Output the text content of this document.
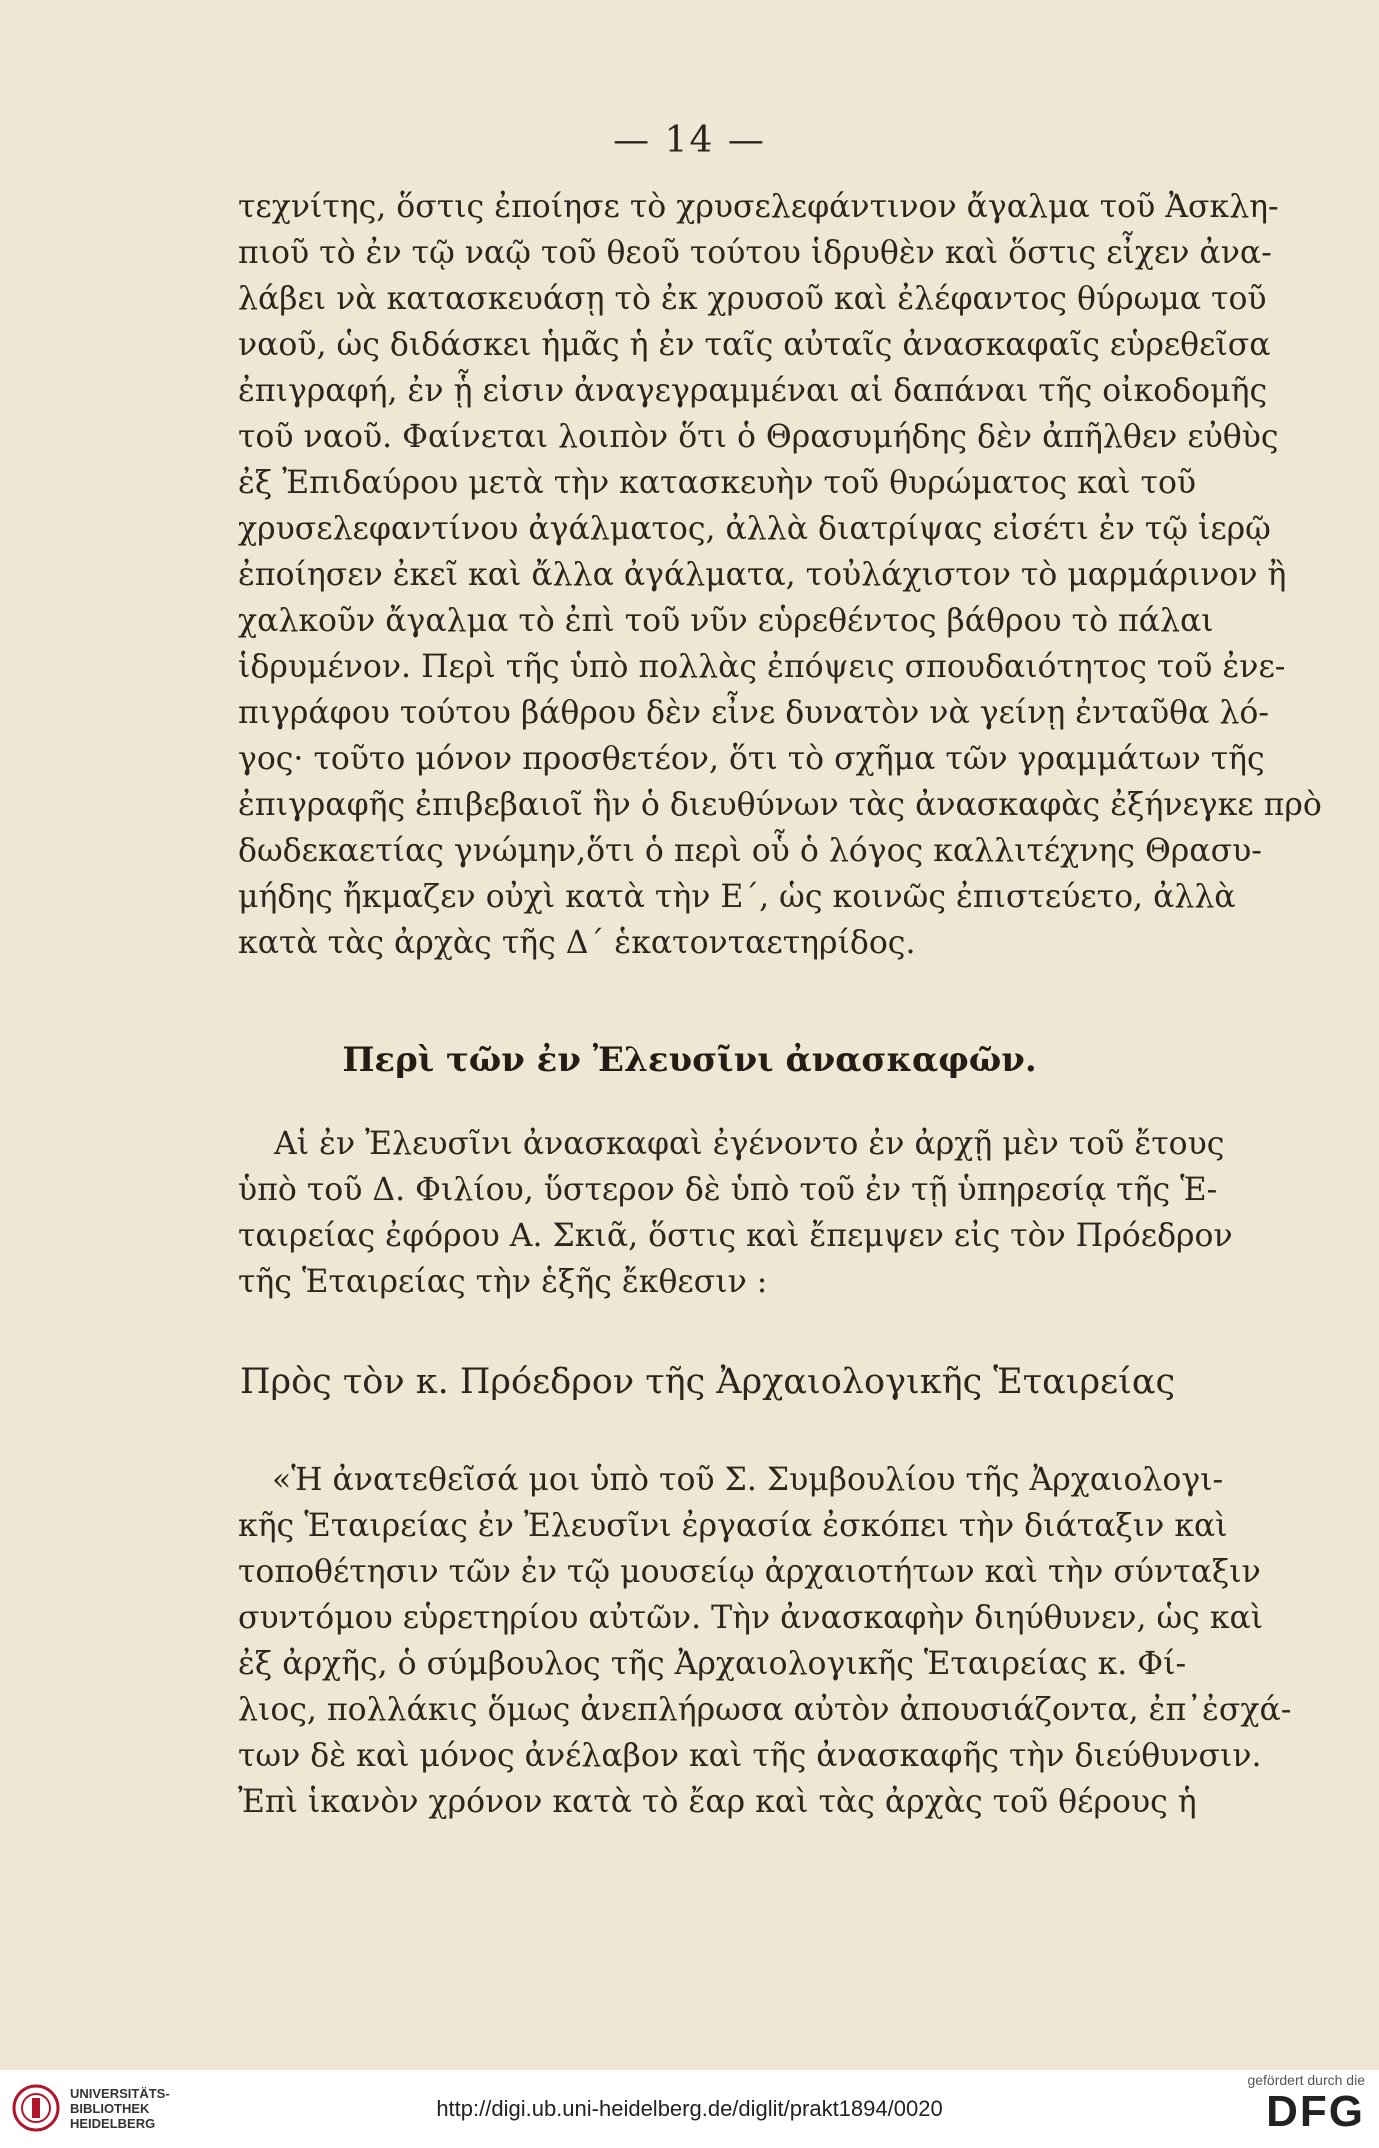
— 14 —
τεχνίτης, ὅστις ἐποίησε τὸ χρυσελεφάντινον ἄγαλμα τοῦ Ἀσκλη-
πιοῦ τὸ ἐν τῷ ναῷ τοῦ θεοῦ τούτου ἱδρυθὲν καὶ ὅστις εἶχεν ἀνα-
λάβει νὰ κατασκευάσῃ τὸ ἐκ χρυσοῦ καὶ ἐλέφαντος θύρωμα τοῦ
ναοῦ, ὡς διδάσκει ἡμᾶς ἡ ἐν ταῖς αὐταῖς ἀνασκαφαῖς εὑρεθεῖσα
ἐπιγραφή, ἐν ᾗ εἰσιν ἀναγεγραμμέναι αἱ δαπάναι τῆς οἰκοδομῆς
τοῦ ναοῦ. Φαίνεται λοιπὸν ὅτι ὁ Θρασυμήδης δὲν ἀπῆλθεν εὐθὺς
ἐξ Ἐπιδαύρου μετὰ τὴν κατασκευὴν τοῦ θυρώματος καὶ τοῦ
χρυσελεφαντίνου ἀγάλματος, ἀλλὰ διατρίψας εἰσέτι ἐν τῷ ἱερῷ
ἐποίησεν ἐκεῖ καὶ ἄλλα ἀγάλματα, τοὐλάχιστον τὸ μαρμάρινον ἢ
χαλκοῦν ἄγαλμα τὸ ἐπὶ τοῦ νῦν εὑρεθέντος βάθρου τὸ πάλαι
ἱδρυμένον. Περὶ τῆς ὑπὸ πολλὰς ἐπόψεις σπουδαιότητος τοῦ ἐνε-
πιγράφου τούτου βάθρου δὲν εἶνε δυνατὸν νὰ γείνῃ ἐνταῦθα λό-
γος· τοῦτο μόνον προσθετέον, ὅτι τὸ σχῆμα τῶν γραμμάτων τῆς
ἐπιγραφῆς ἐπιβεβαιοῖ ἣν ὁ διευθύνων τὰς ἀνασκαφὰς ἐξήνεγκε πρὸ
δωδεκαετίας γνώμην,ὅτι ὁ περὶ οὗ ὁ λόγος καλλιτέχνης Θρασυ-
μήδης ἤκμαζεν οὐχὶ κατὰ τὴν Ε΄, ὡς κοινῶς ἐπιστεύετο, ἀλλὰ
κατὰ τὰς ἀρχὰς τῆς Δ΄ ἑκατονταετηρίδος.
Περὶ τῶν ἐν Ἐλευσῖνι ἀνασκαφῶν.
Αἱ ἐν Ἐλευσῖνι ἀνασκαφαὶ ἐγένοντο ἐν ἀρχῇ μὲν τοῦ ἔτους
ὑπὸ τοῦ Δ. Φιλίου, ὕστερον δὲ ὑπὸ τοῦ ἐν τῇ ὑπηρεσίᾳ τῆς Ἑ-
ταιρείας ἐφόρου Α. Σκιᾶ, ὅστις καὶ ἔπεμψεν εἰς τὸν Πρόεδρον
τῆς Ἑταιρείας τὴν ἑξῆς ἔκθεσιν :
Πρὸς τὸν κ. Πρόεδρον τῆς Ἀρχαιολογικῆς Ἑταιρείας
«Ἡ ἀνατεθεῖσά μοι ὑπὸ τοῦ Σ. Συμβουλίου τῆς Ἀρχαιολογι-
κῆς Ἑταιρείας ἐν Ἐλευσῖνι ἐργασία ἐσκόπει τὴν διάταξιν καὶ
τοποθέτησιν τῶν ἐν τῷ μουσείῳ ἀρχαιοτήτων καὶ τὴν σύνταξιν
συντόμου εὑρετηρίου αὐτῶν. Τὴν ἀνασκαφὴν διηύθυνεν, ὡς καὶ
ἐξ ἀρχῆς, ὁ σύμβουλος τῆς Ἀρχαιολογικῆς Ἑταιρείας κ. Φί-
λιος, πολλάκις ὅμως ἀνεπλήρωσα αὐτὸν ἀπουσιάζοντα, ἐπ᾽ἐσχά-
των δὲ καὶ μόνος ἀνέλαβον καὶ τῆς ἀνασκαφῆς τὴν διεύθυνσιν.
Ἐπὶ ἱκανὸν χρόνον κατὰ τὸ ἔαρ καὶ τὰς ἀρχὰς τοῦ θέρους ἡ
UNIVERSITÄTS-
BIBLIOTHEK
HEIDELBERG
http://digi.ub.uni-heidelberg.de/diglit/prakt1894/0020
gefördert durch die
DFG
